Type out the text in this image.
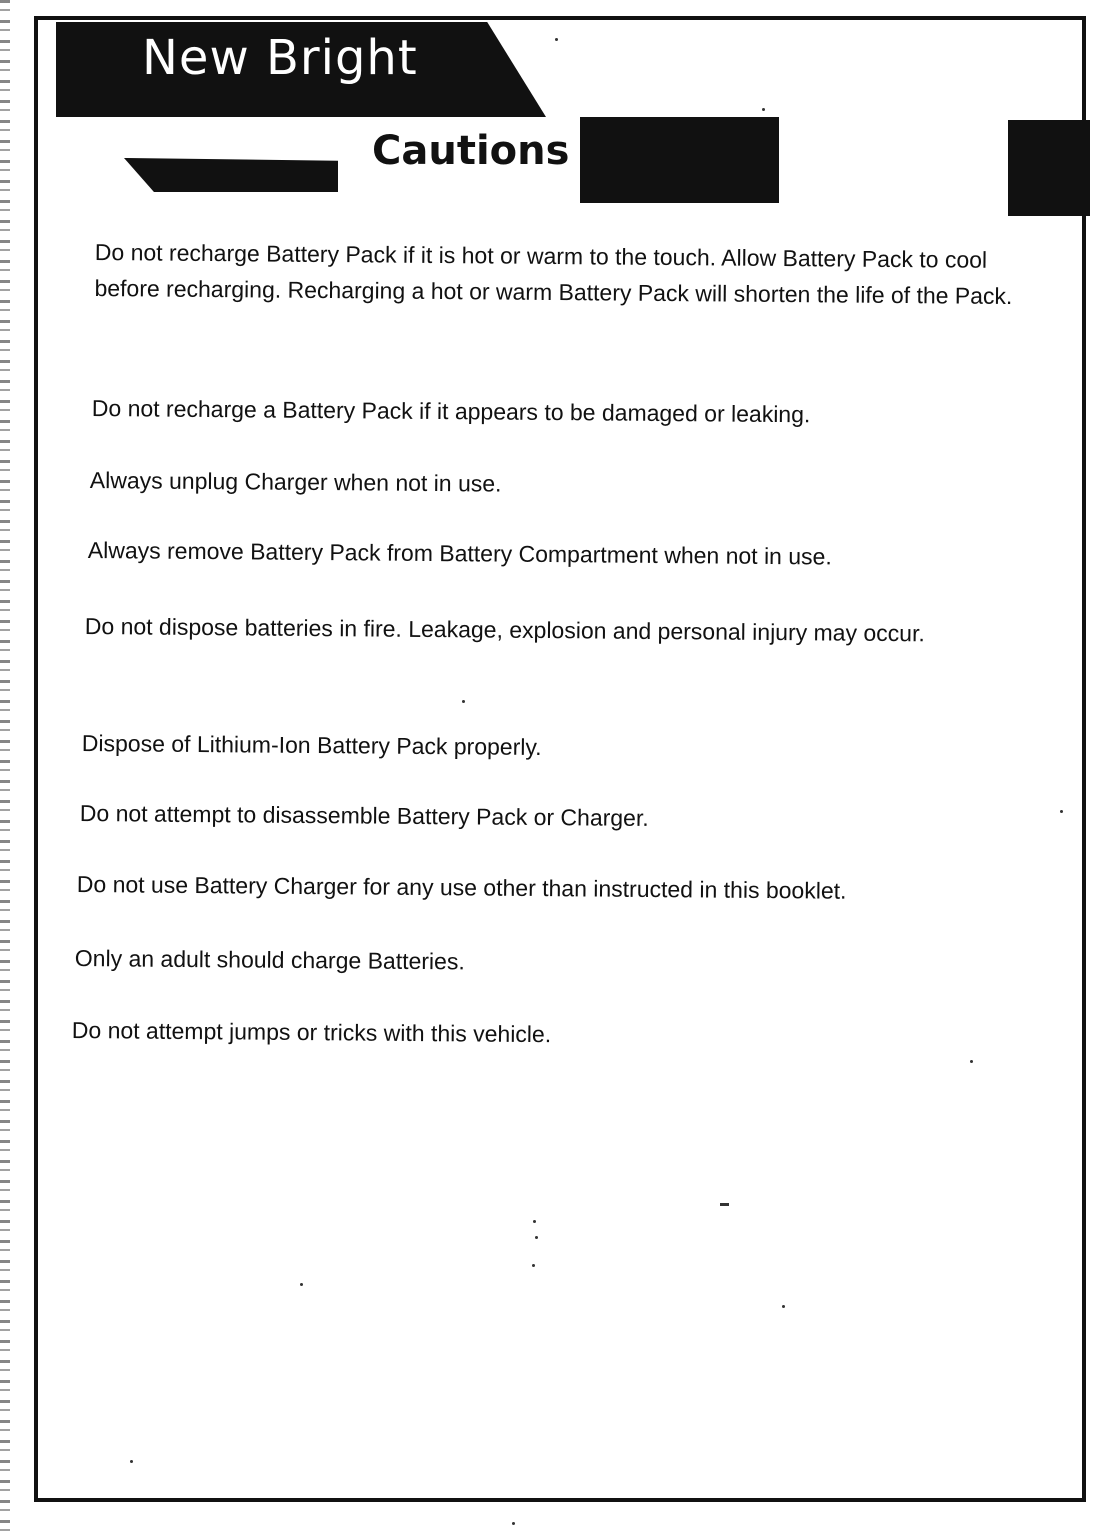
New Bright
Cautions
Do not recharge Battery Pack if it is hot or warm to the touch. Allow Battery Pack to cool before recharging. Recharging a hot or warm Battery Pack will shorten the life of the Pack.
Do not recharge a Battery Pack if it appears to be damaged or leaking.
Always unplug Charger when not in use.
Always remove Battery Pack from Battery Compartment when not in use.
Do not dispose batteries in fire. Leakage, explosion and personal injury may occur.
Dispose of Lithium-Ion Battery Pack properly.
Do not attempt to disassemble Battery Pack or Charger.
Do not use Battery Charger for any use other than instructed in this booklet.
Only an adult should charge Batteries.
Do not attempt jumps or tricks with this vehicle.
